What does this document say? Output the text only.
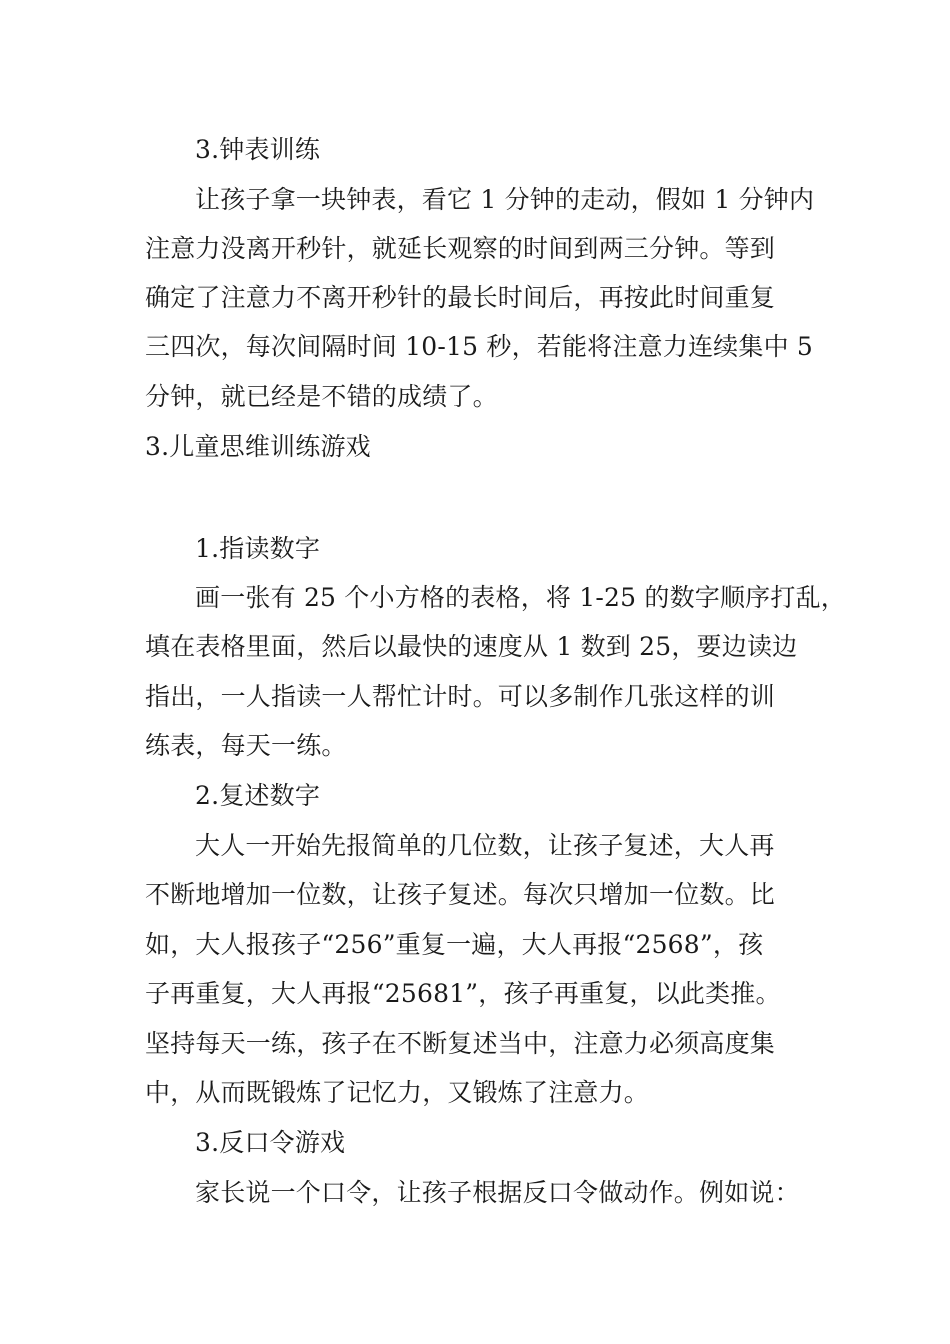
3.钟表训练
让孩子拿一块钟表，看它 1 分钟的走动，假如 1 分钟内
注意力没离开秒针，就延长观察的时间到两三分钟。等到
确定了注意力不离开秒针的最长时间后，再按此时间重复
三四次，每次间隔时间 10-15 秒，若能将注意力连续集中 5
分钟，就已经是不错的成绩了。
3.儿童思维训练游戏
1.指读数字
画一张有 25 个小方格的表格，将 1-25 的数字顺序打乱，
填在表格里面，然后以最快的速度从 1 数到 25，要边读边
指出，一人指读一人帮忙计时。可以多制作几张这样的训
练表，每天一练。
2.复述数字
大人一开始先报简单的几位数，让孩子复述，大人再
不断地增加一位数，让孩子复述。每次只增加一位数。比
如，大人报孩子“256”重复一遍，大人再报“2568”，孩
子再重复，大人再报“25681”，孩子再重复，以此类推。
坚持每天一练，孩子在不断复述当中，注意力必须高度集
中，从而既锻炼了记忆力，又锻炼了注意力。
3.反口令游戏
家长说一个口令，让孩子根据反口令做动作。例如说：
